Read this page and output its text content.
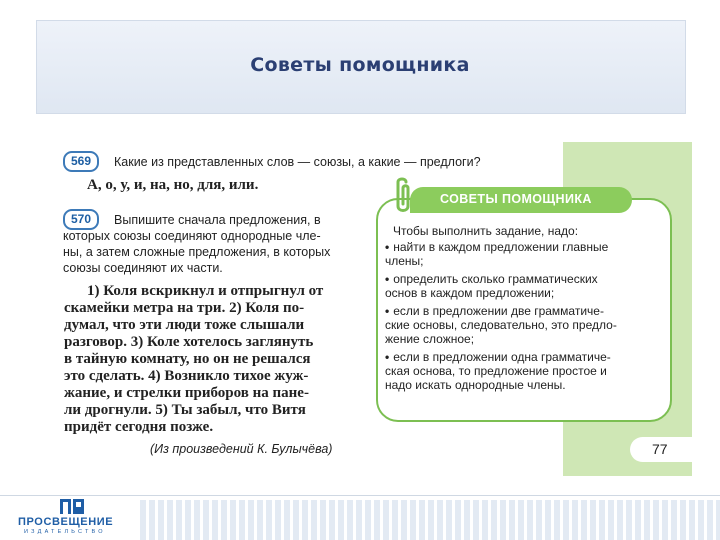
Советы помощника
569	Какие из представленных слов — союзы, а какие — предлоги?
А, о, у, и, на, но, для, или.
570	Выпишите сначала предложения, в
которых союзы соединяют однородные чле-
ны, а затем сложные предложения, в которых
союзы соединяют их части.
1) Коля вскрикнул и отпрыгнул от
скамейки метра на три. 2) Коля по-
думал, что эти люди тоже слышали
разговор. 3) Коле хотелось заглянуть
в тайную комнату, но он не решался
это сделать. 4) Возникло тихое жуж-
жание, и стрелки приборов на пане-
ли дрогнули. 5) Ты забыл, что Витя
придёт сегодня позже.
(Из произведений К. Булычёва)
СОВЕТЫ ПОМОЩНИКА
Чтобы выполнить задание, надо:
• найти в каждом предложении главные
члены;
• определить сколько грамматических
основ в каждом предложении;
• если в предложении две грамматиче-
ские основы, следовательно, это предло-
жение сложное;
• если в предложении одна грамматиче-
ская основа, то предложение простое и
надо искать однородные члены.
77
ПРОСВЕЩЕНИЕ
ИЗДАТЕЛЬСТВО
